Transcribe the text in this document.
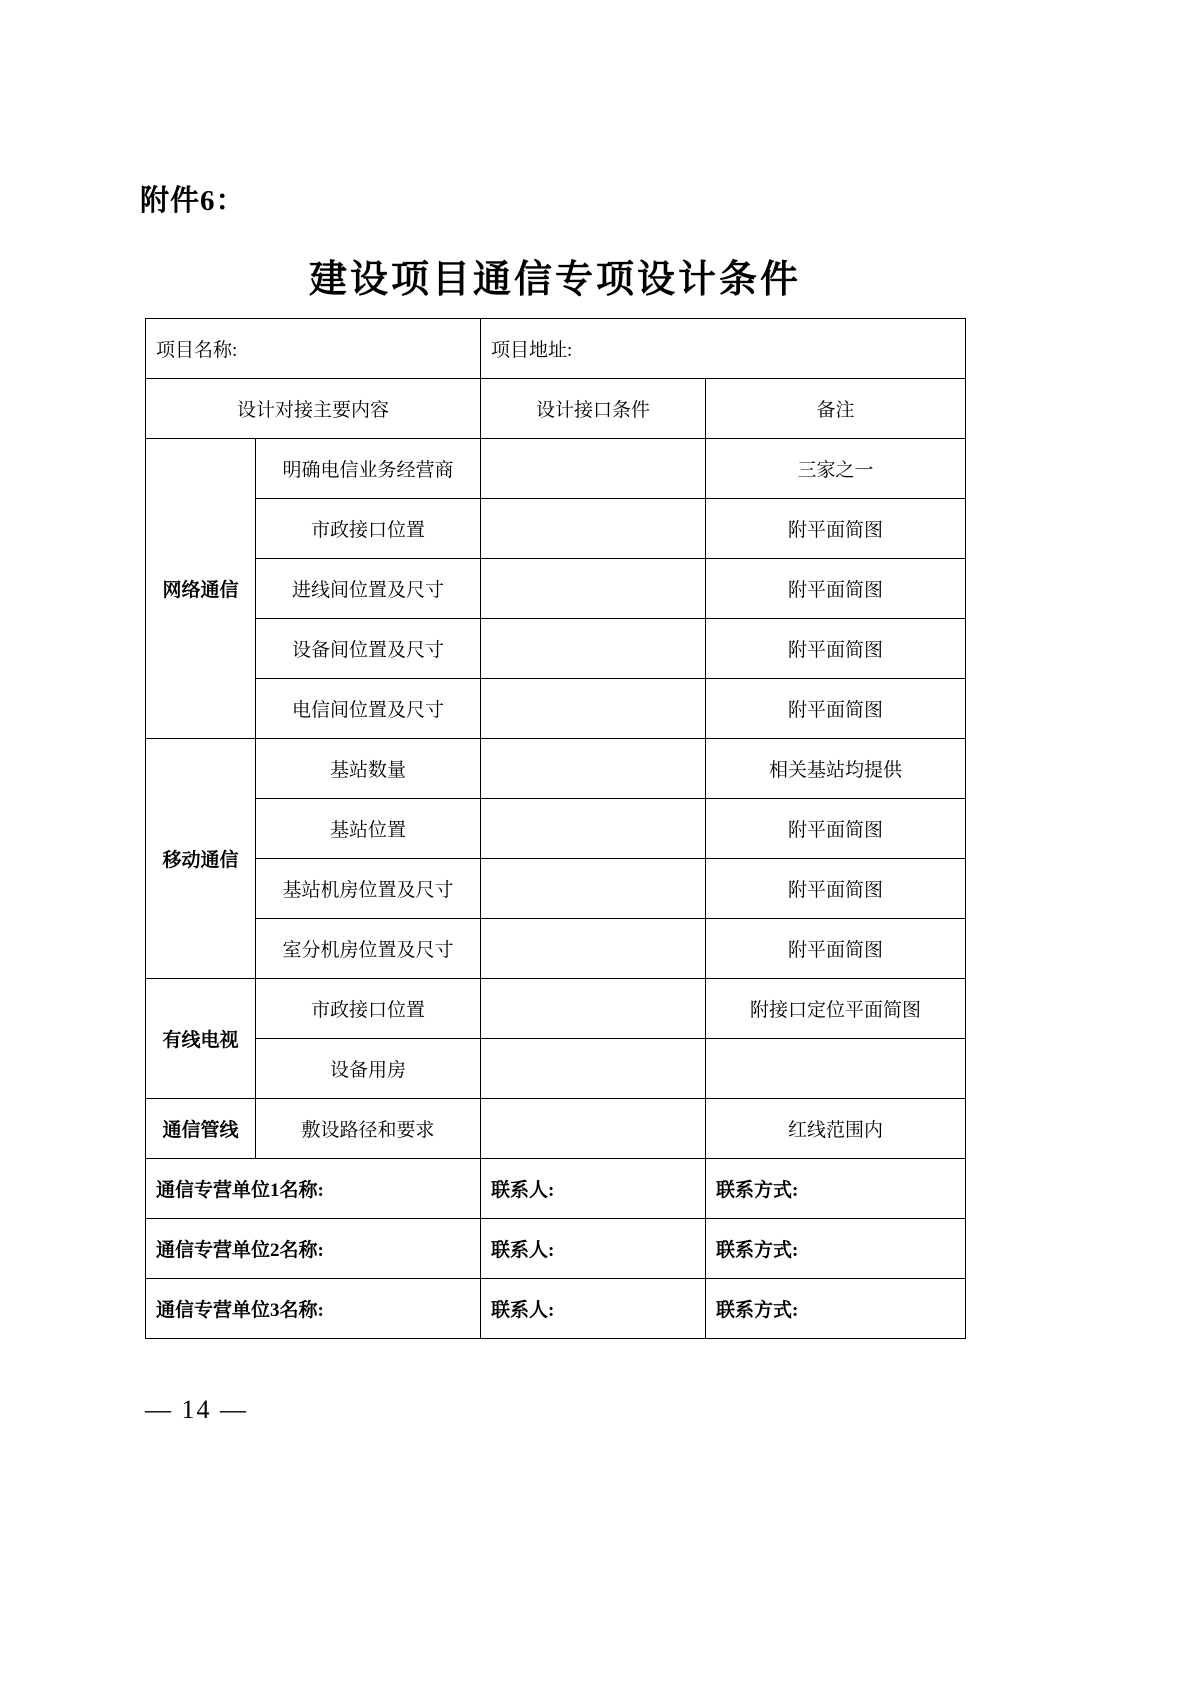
附件6：
建设项目通信专项设计条件
项目名称:		项目地址:	
设计对接主要内容		设计接口条件	备注
网络通信	明确电信业务经营商		三家之一
	市政接口位置		附平面简图
	进线间位置及尺寸		附平面简图
	设备间位置及尺寸		附平面简图
	电信间位置及尺寸		附平面简图
移动通信	基站数量		相关基站均提供
	基站位置		附平面简图
	基站机房位置及尺寸		附平面简图
	室分机房位置及尺寸		附平面简图
有线电视	市政接口位置		附接口定位平面简图
	设备用房		
通信管线	敷设路径和要求		红线范围内
通信专营单位1名称:		联系人:	联系方式:
通信专营单位2名称:		联系人:	联系方式:
通信专营单位3名称:		联系人:	联系方式:
— 14 —
